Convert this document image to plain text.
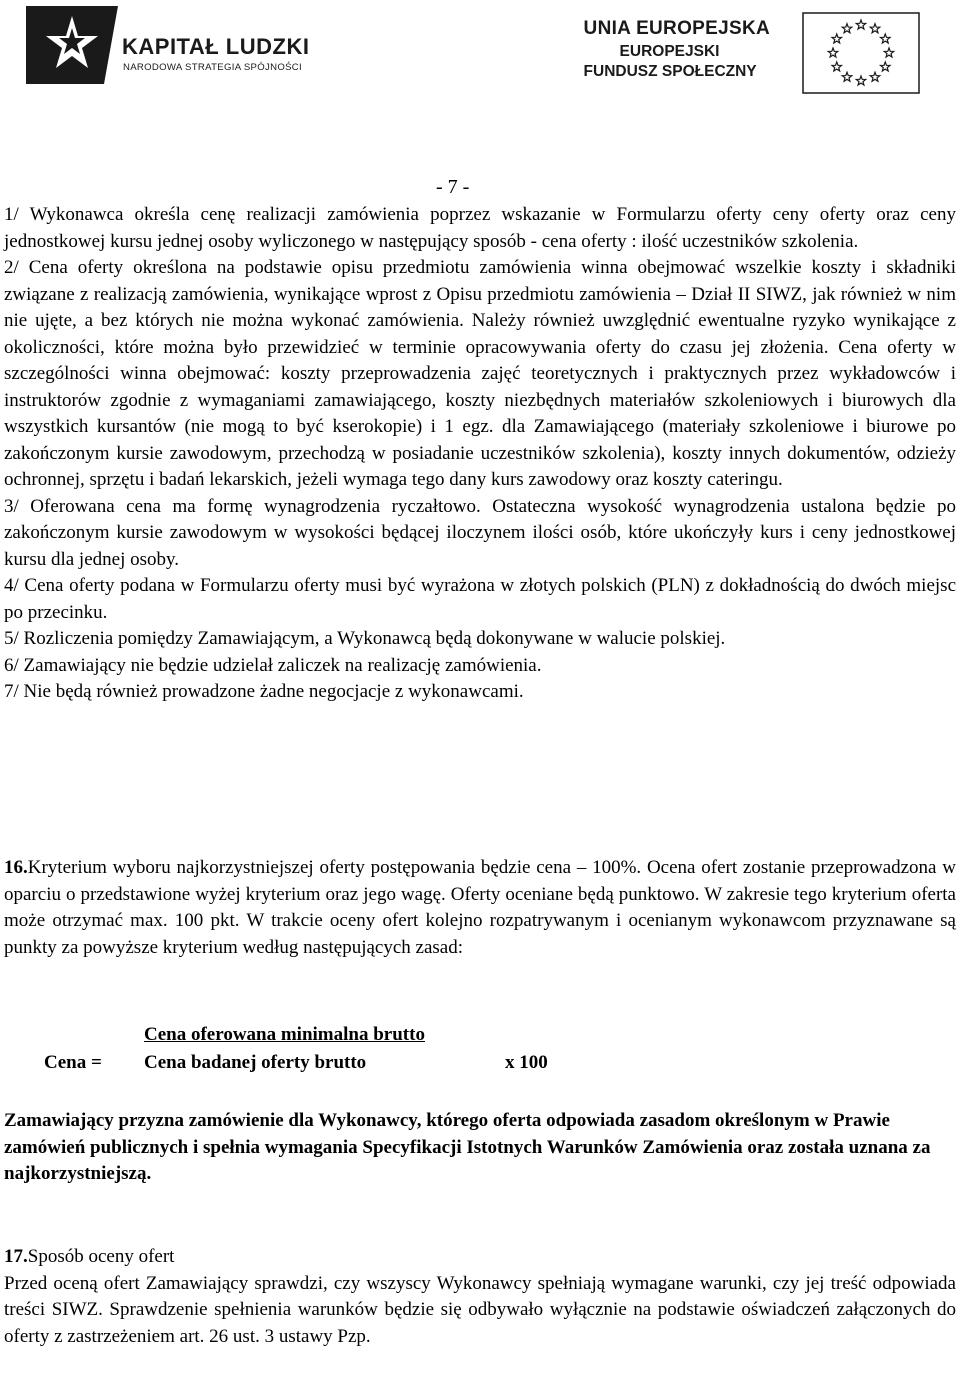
KAPITAŁ LUDZKI
NARODOWA STRATEGIA SPÓJNOŚCI
UNIA EUROPEJSKA
EUROPEJSKI
FUNDUSZ SPOŁECZNY
- 7 -

1/ Wykonawca określa cenę realizacji zamówienia poprzez wskazanie w Formularzu oferty ceny oferty oraz ceny jednostkowej kursu jednej osoby wyliczonego w następujący sposób - cena oferty : ilość uczestników szkolenia.

2/ Cena oferty określona na podstawie opisu przedmiotu zamówienia winna obejmować wszelkie koszty i składniki związane z realizacją zamówienia, wynikające wprost z Opisu przedmiotu zamówienia – Dział II SIWZ, jak również w nim nie ujęte, a bez których nie można wykonać zamówienia. Należy również uwzględnić ewentualne ryzyko wynikające z okoliczności, które można było przewidzieć w terminie opracowywania oferty do czasu jej złożenia. Cena oferty w szczególności winna obejmować: koszty przeprowadzenia zajęć teoretycznych i praktycznych przez wykładowców i instruktorów zgodnie z wymaganiami zamawiającego, koszty niezbędnych materiałów szkoleniowych i biurowych dla wszystkich kursantów (nie mogą to być kserokopie) i 1 egz. dla Zamawiającego (materiały szkoleniowe i biurowe po zakończonym kursie zawodowym, przechodzą w posiadanie uczestników szkolenia), koszty innych dokumentów, odzieży ochronnej, sprzętu i badań lekarskich, jeżeli wymaga tego dany kurs zawodowy oraz koszty cateringu.

3/ Oferowana cena ma formę wynagrodzenia ryczałtowo. Ostateczna wysokość wynagrodzenia ustalona będzie po zakończonym kursie zawodowym w wysokości będącej iloczynem ilości osób, które ukończyły kurs i ceny jednostkowej kursu dla jednej osoby.

4/ Cena oferty podana w Formularzu oferty musi być wyrażona w złotych polskich (PLN) z dokładnością do dwóch miejsc po przecinku.

5/ Rozliczenia pomiędzy Zamawiającym, a Wykonawcą będą dokonywane w walucie polskiej.

6/ Zamawiający nie będzie udzielał zaliczek na realizację zamówienia.

7/ Nie będą również prowadzone żadne negocjacje z wykonawcami.

16.Kryterium wyboru najkorzystniejszej oferty postępowania będzie cena – 100%. Ocena ofert zostanie przeprowadzona w oparciu o przedstawione wyżej kryterium oraz jego wagę. Oferty oceniane będą punktowo. W zakresie tego kryterium oferta może otrzymać max. 100 pkt. W trakcie oceny ofert kolejno rozpatrywanym i ocenianym wykonawcom przyznawane są punkty za powyższe kryterium według następujących zasad:

Cena oferowana minimalna brutto
Cena = Cena badanej oferty brutto	x 100

Zamawiający przyzna zamówienie dla Wykonawcy, którego oferta odpowiada zasadom określonym w Prawie zamówień publicznych i spełnia wymagania Specyfikacji Istotnych Warunków Zamówienia oraz została uznana za najkorzystniejszą.

17.Sposób oceny ofert

Przed oceną ofert Zamawiający sprawdzi, czy wszyscy Wykonawcy spełniają wymagane warunki, czy jej treść odpowiada treści SIWZ. Sprawdzenie spełnienia warunków będzie się odbywało wyłącznie na podstawie oświadczeń załączonych do oferty z zastrzeżeniem art. 26 ust. 3 ustawy Pzp.
